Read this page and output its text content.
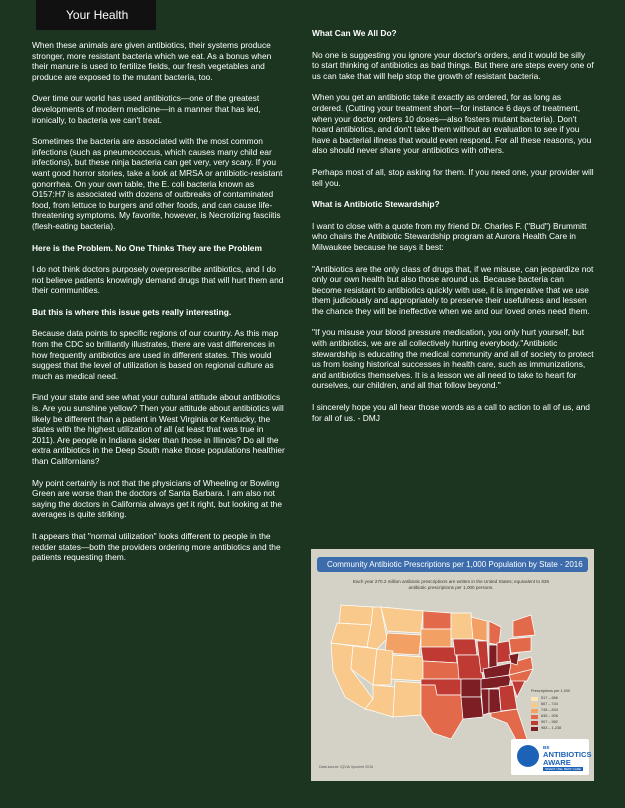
Your Health

When these animals are given antibiotics, their systems produce stronger, more resistant bacteria which we eat. As a bonus when their manure is used to fertilize fields, our fresh vegetables and produce are exposed to the mutant bacteria, too.

Over time our world has used antibiotics—one of the greatest developments of modern medicine—in a manner that has led, ironically, to bacteria we can't treat.

Sometimes the bacteria are associated with the most common infections (such as pneumococcus, which causes many child ear infections), but these ninja bacteria can get very, very scary. If you want good horror stories, take a look at MRSA or antibiotic-resistant gonorrhea. On your own table, the E. coli bacteria known as O157:H7 is associated with dozens of outbreaks of contaminated food, from lettuce to burgers and other foods, and can cause life-threatening symptoms. My favorite, however, is Necrotizing fasciitis (flesh-eating bacteria).

Here is the Problem. No One Thinks They are the Problem

I do not think doctors purposely overprescribe antibiotics, and I do not believe patients knowingly demand drugs that will hurt them and their communities.

But this is where this issue gets really interesting.

Because data points to specific regions of our country. As this map from the CDC so brilliantly illustrates, there are vast differences in how frequently antibiotics are used in different states. This would suggest that the level of utilization is based on regional culture as much as medical need.

Find your state and see what your cultural attitude about antibiotics is. Are you sunshine yellow? Then your attitude about antibiotics will likely be different than a patient in West Virginia or Kentucky, the states with the highest utilization of all (at least that was true in 2011). Are people in Indiana sicker than those in Illinois? Do all the extra antibiotics in the Deep South make those populations healthier than Californians?

My point certainly is not that the physicians of Wheeling or Bowling Green are worse than the doctors of Santa Barbara. I am also not saying the doctors in California always get it right, but looking at the averages is quite striking.

It appears that "normal utilization" looks different to people in the redder states—both the providers ordering more antibiotics and the patients requesting them.

What Can We All Do?

No one is suggesting you ignore your doctor's orders, and it would be silly to start thinking of antibiotics as bad things. But there are steps every one of us can take that will help stop the growth of resistant bacteria.

When you get an antibiotic take it exactly as ordered, for as long as ordered. (Cutting your treatment short—for instance 6 days of treatment, when your doctor orders 10 doses—also fosters mutant bacteria). Don't hoard antibiotics, and don't take them without an evaluation to see if you have a bacterial illness that would even respond. For all these reasons, you also should never share your antibiotics with others.

Perhaps most of all, stop asking for them. If you need one, your provider will tell you.

What is Antibiotic Stewardship?

I want to close with a quote from my friend Dr. Charles F. ("Bud") Brummitt who chairs the Antibiotic Stewardship program at Aurora Health Care in Milwaukee because he says it best:

"Antibiotics are the only class of drugs that, if we misuse, can jeopardize not only our own health but also those around us. Because bacteria can become resistant to antibiotics quickly with use, it is imperative that we use them judiciously and appropriately to preserve their usefulness and lessen the chance they will be ineffective when we and our loved ones need them.

"If you misuse your blood pressure medication, you only hurt yourself, but with antibiotics, we are all collectively hurting everybody."Antibiotic stewardship is educating the medical community and all of society to protect us from losing historical successes in health care, such as immunizations, and antibiotics themselves. It is a lesson we all need to take to heart for ourselves, our children, and all that follow beyond."

I sincerely hope you all hear those words as a call to action to all of us, and for all of us. - DMJ

Community Antibiotic Prescriptions per 1,000 Population by State - 2016
Each year 270.2 million antibiotic prescriptions are written in the United States; equivalent to 836 antibiotic prescriptions per 1,000 persons.
Prescriptions per 1,000
517 – 666
667 – 744
745 – 834
835 – 906
907 – 982
983 – 1,238
Data source: IQVIA Xponent 2016
BE
ANTIBIOTICS
AWARE
SMART USE, BEST CARE
